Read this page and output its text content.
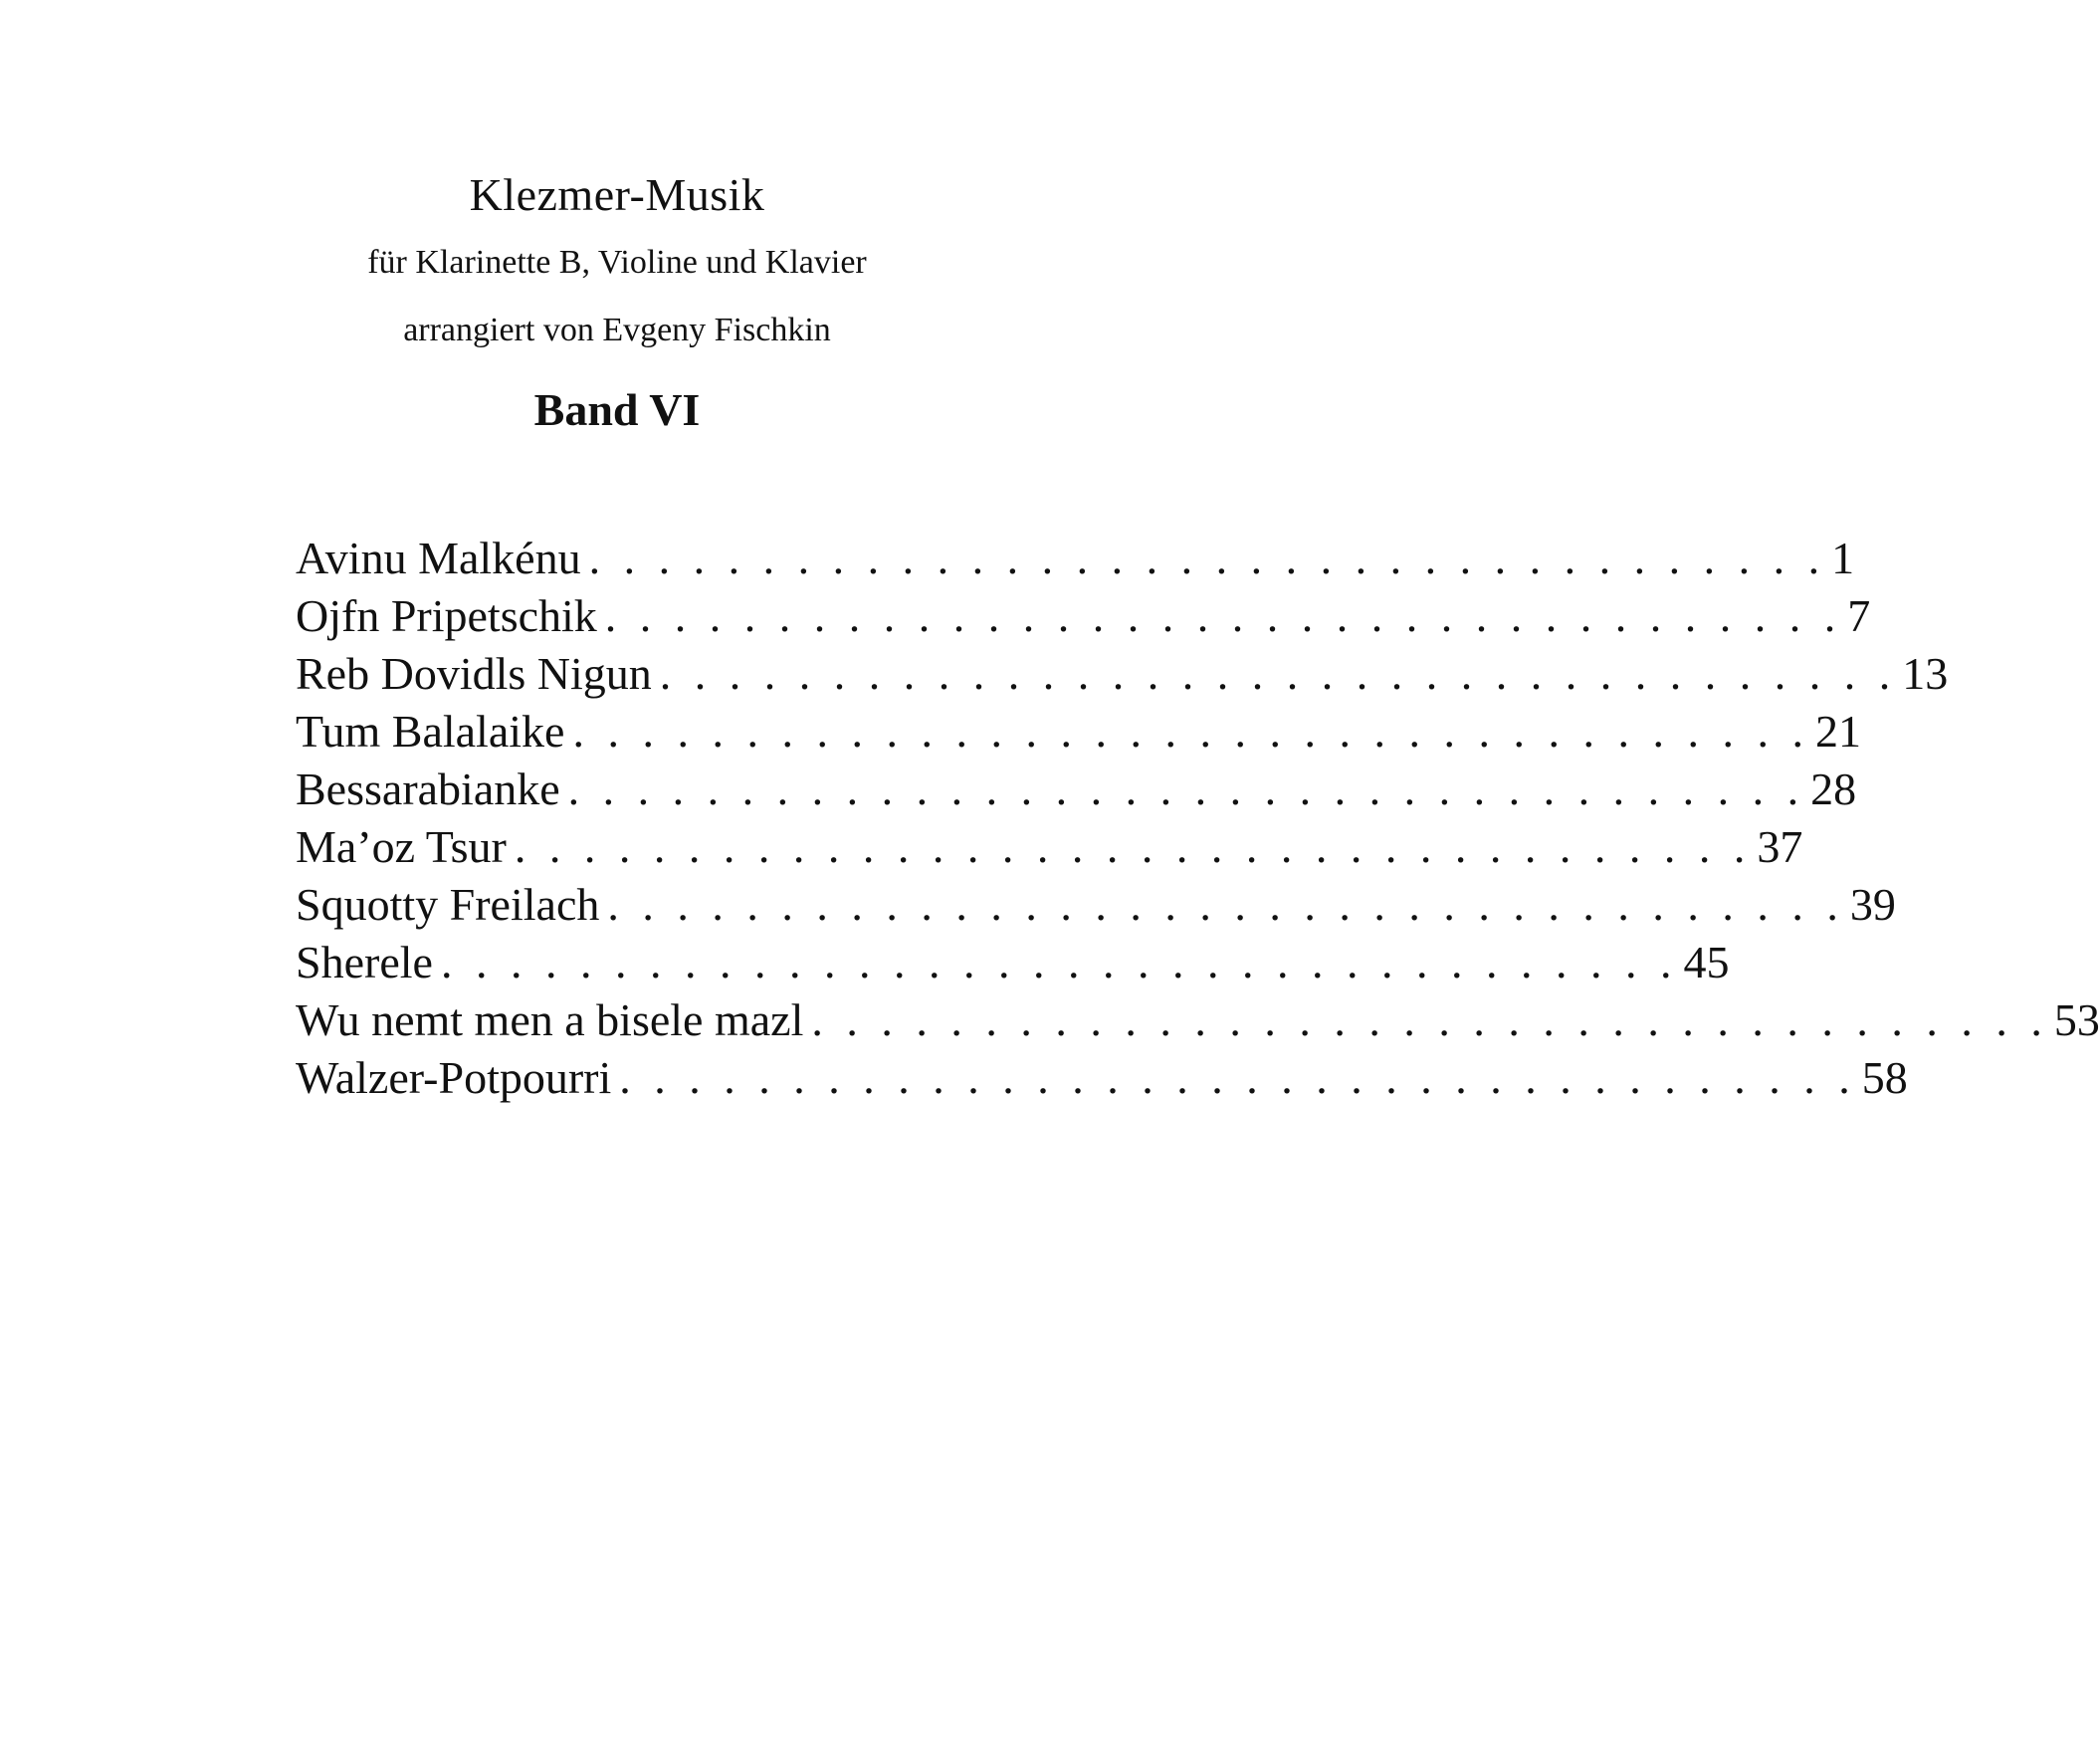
Klezmer-Musik
für Klarinette B, Violine und Klavier
arrangiert von Evgeny Fischkin
Band VI
Avinu Malkénu . . . . . . . . . . . . . . . . . . . . . . . . . . . . . . . . . . . . 1
Ojfn Pripetschik . . . . . . . . . . . . . . . . . . . . . . . . . . . . . . . . . . . . 7
Reb Dovidls Nigun . . . . . . . . . . . . . . . . . . . . . . . . . . . . . . . . . . . . 13
Tum Balalaike . . . . . . . . . . . . . . . . . . . . . . . . . . . . . . . . . . . . 21
Bessarabianke . . . . . . . . . . . . . . . . . . . . . . . . . . . . . . . . . . . . 28
Ma’oz Tsur . . . . . . . . . . . . . . . . . . . . . . . . . . . . . . . . . . . . 37
Squotty Freilach . . . . . . . . . . . . . . . . . . . . . . . . . . . . . . . . . . . . 39
Sherele . . . . . . . . . . . . . . . . . . . . . . . . . . . . . . . . . . . . 45
Wu nemt men a bisele mazl . . . . . . . . . . . . . . . . . . . . . . . . . . . . . . . . . . . . 53
Walzer-Potpourri . . . . . . . . . . . . . . . . . . . . . . . . . . . . . . . . . . . . 58
